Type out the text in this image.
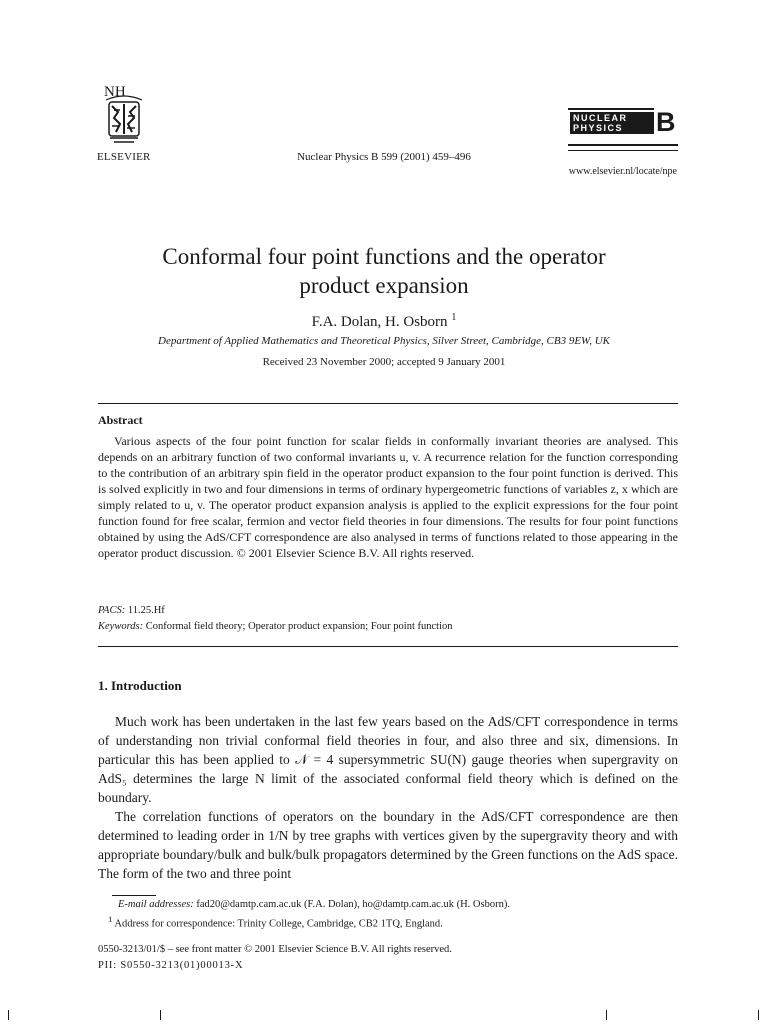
NH
ELSEVIER	Nuclear Physics B 599 (2001) 459–496
NUCLEAR
PHYSICS	B
www.elsevier.nl/locate/npe
Conformal four point functions and the operator
product expansion
F.A. Dolan, H. Osborn $^1$
Department of Applied Mathematics and Theoretical Physics, Silver Street, Cambridge, CB3 9EW, UK
Received 23 November 2000; accepted 9 January 2001
Abstract

Various aspects of the four point function for scalar fields in conformally invariant theories are analysed. This depends on an arbitrary function of two conformal invariants u, v. A recurrence relation for the function corresponding to the contribution of an arbitrary spin field in the operator product expansion to the four point function is derived. This is solved explicitly in two and four dimensions in terms of ordinary hypergeometric functions of variables z, x which are simply related to u, v. The operator product expansion analysis is applied to the explicit expressions for the four point function found for free scalar, fermion and vector field theories in four dimensions. The results for four point functions obtained by using the AdS/CFT correspondence are also analysed in terms of functions related to those appearing in the operator product discussion. © 2001 Elsevier Science B.V. All rights reserved.

PACS: 11.25.Hf
Keywords: Conformal field theory; Operator product expansion; Four point function
1. Introduction

Much work has been undertaken in the last few years based on the AdS/CFT correspondence in terms of understanding non trivial conformal field theories in four, and also three and six, dimensions. In particular this has been applied to 𝒩 = 4 supersymmetric SU(N) gauge theories when supergravity on AdS₅ determines the large N limit of the associated conformal field theory which is defined on the boundary.

The correlation functions of operators on the boundary in the AdS/CFT correspondence are then determined to leading order in 1/N by tree graphs with vertices given by the supergravity theory and with appropriate boundary/bulk and bulk/bulk propagators determined by the Green functions on the AdS space. The form of the two and three point

E-mail addresses: fad20@damtp.cam.ac.uk (F.A. Dolan), ho@damtp.cam.ac.uk (H. Osborn).
$^1$ Address for correspondence: Trinity College, Cambridge, CB2 1TQ, England.
0550-3213/01/$ – see front matter © 2001 Elsevier Science B.V. All rights reserved.
PII: S0550-3213(01)00013-X
